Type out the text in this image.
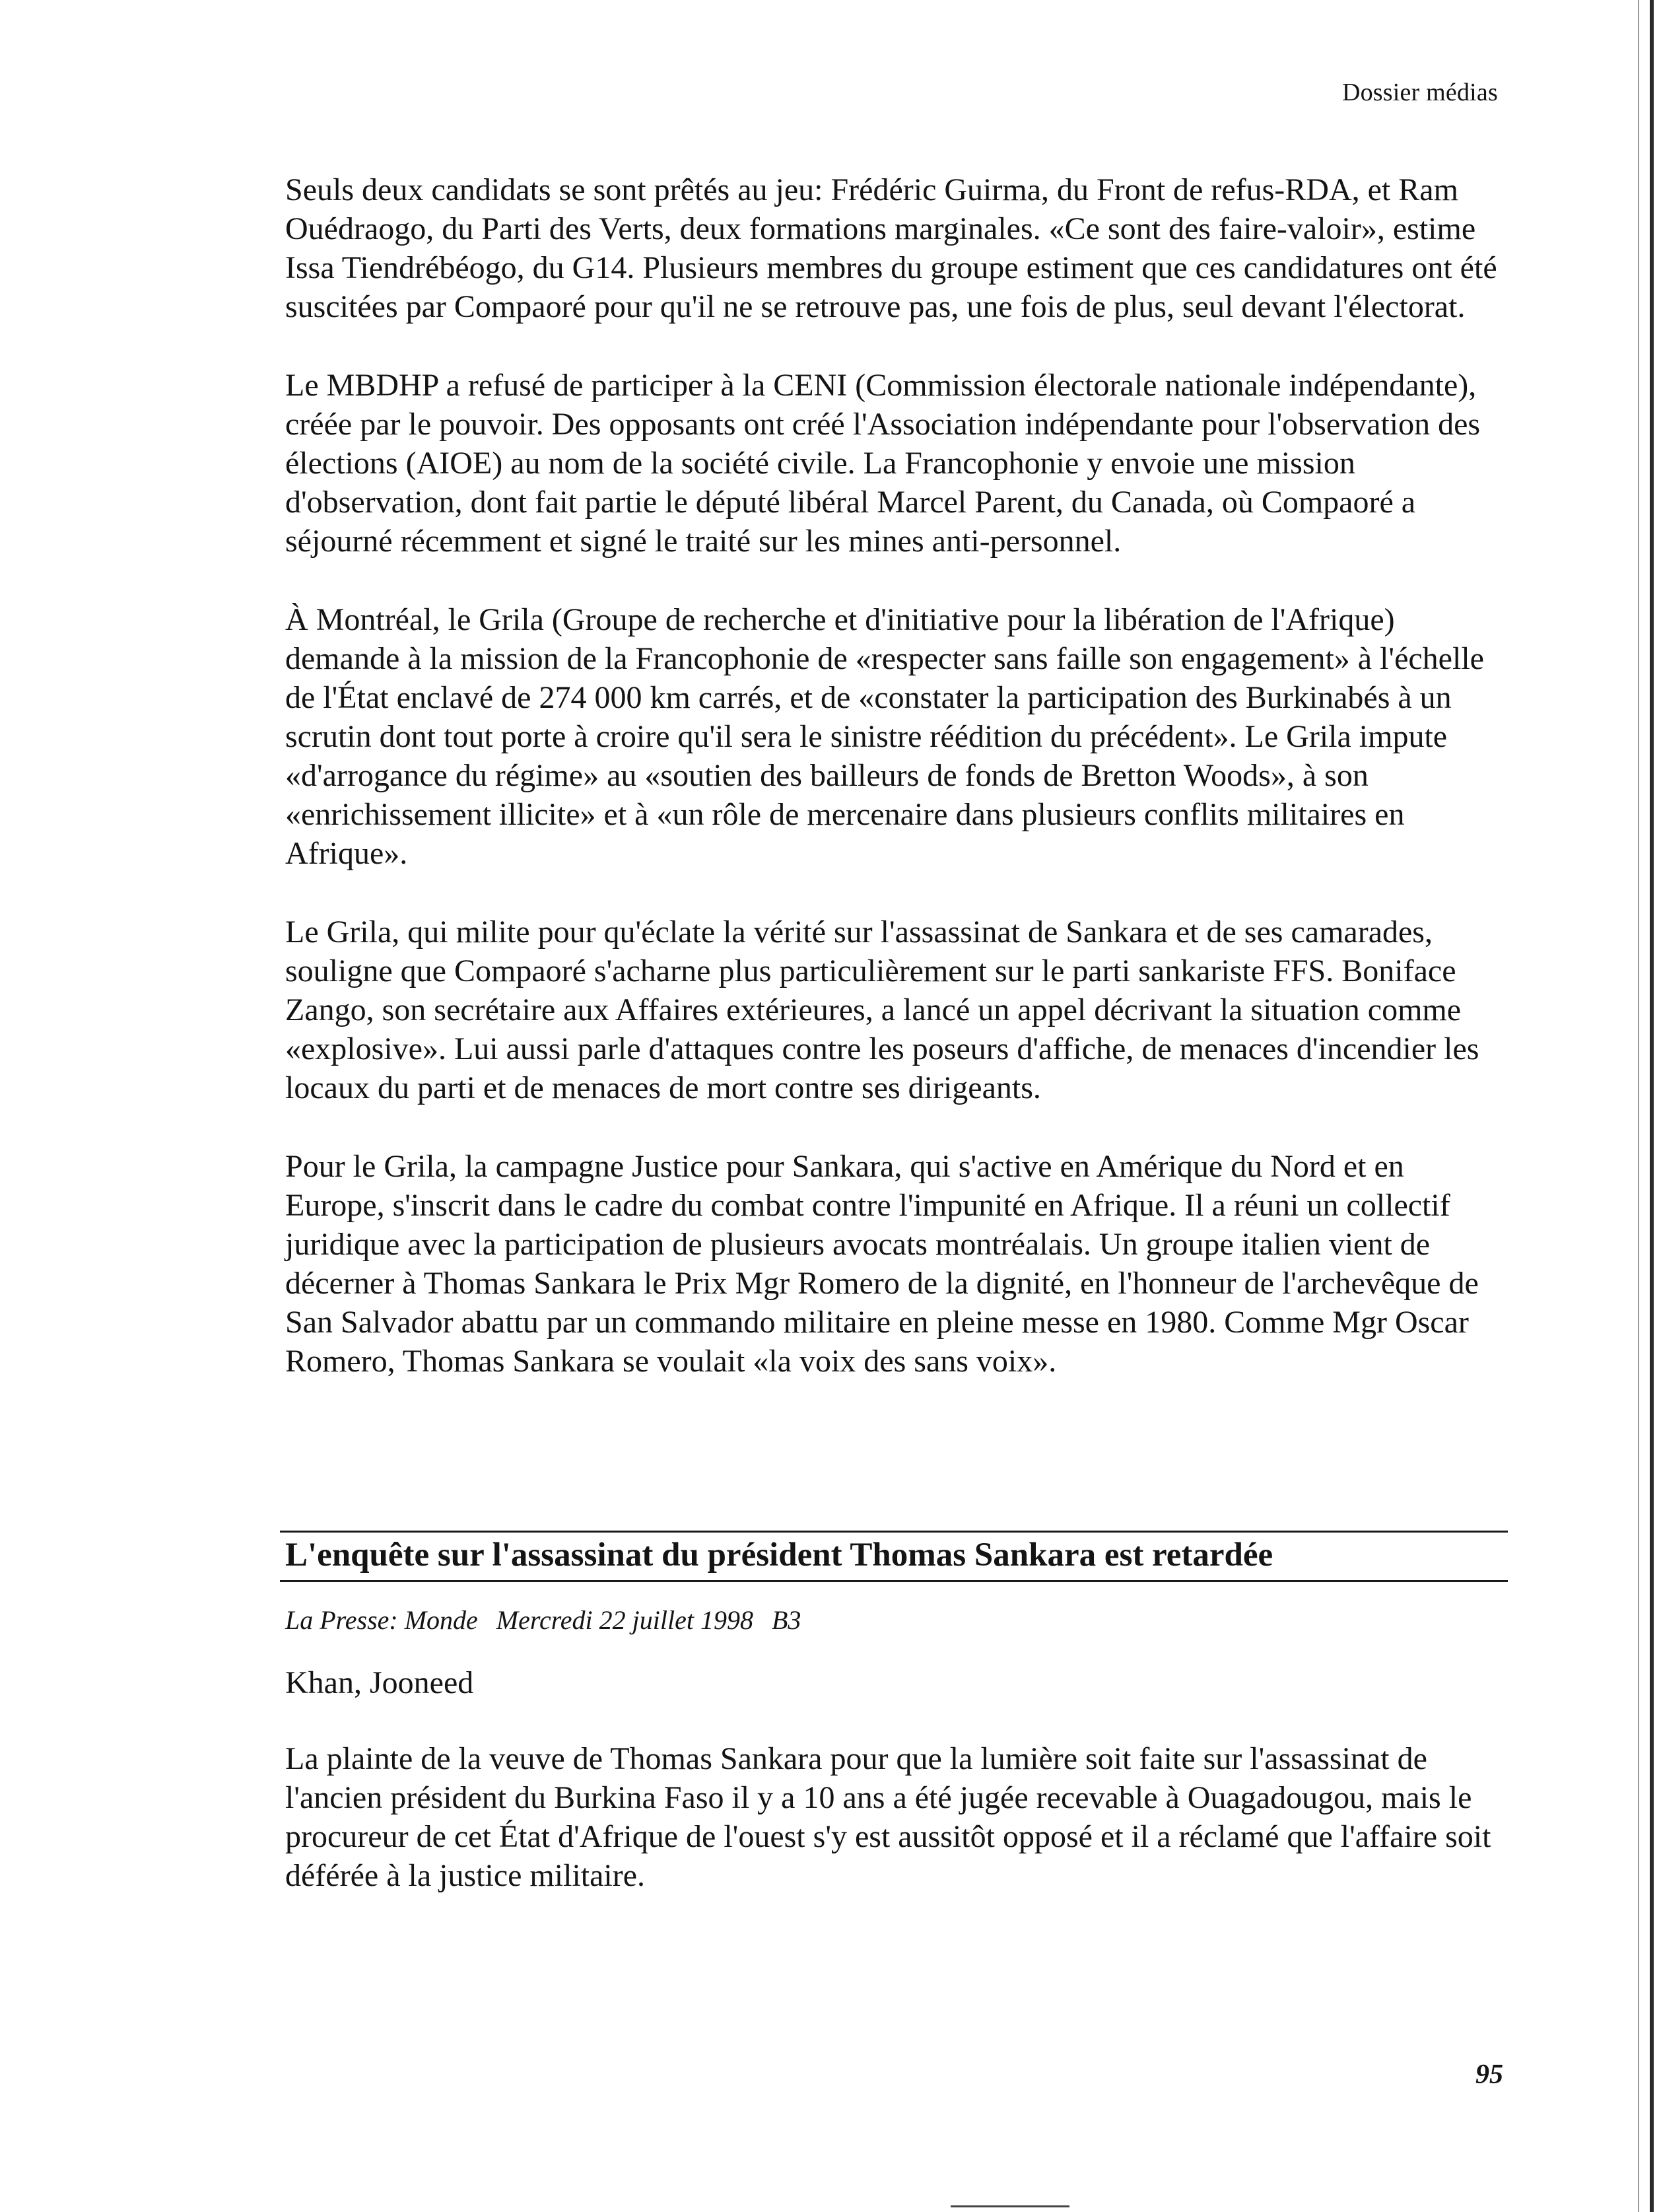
Dossier médias

Seuls deux candidats se sont prêtés au jeu: Frédéric Guirma, du Front de refus-RDA, et Ram Ouédraogo, du Parti des Verts, deux formations marginales. «Ce sont des faire-valoir», estime Issa Tiendrébéogo, du G14. Plusieurs membres du groupe estiment que ces candidatures ont été suscitées par Compaoré pour qu'il ne se retrouve pas, une fois de plus, seul devant l'électorat.

Le MBDHP a refusé de participer à la CENI (Commission électorale nationale indépendante), créée par le pouvoir. Des opposants ont créé l'Association indépendante pour l'observation des élections (AIOE) au nom de la société civile. La Francophonie y envoie une mission d'observation, dont fait partie le député libéral Marcel Parent, du Canada, où Compaoré a séjourné récemment et signé le traité sur les mines anti-personnel.

À Montréal, le Grila (Groupe de recherche et d'initiative pour la libération de l'Afrique) demande à la mission de la Francophonie de «respecter sans faille son engagement» à l'échelle de l'État enclavé de 274 000 km carrés, et de «constater la participation des Burkinabés à un scrutin dont tout porte à croire qu'il sera le sinistre réédition du précédent». Le Grila impute «d'arrogance du régime» au «soutien des bailleurs de fonds de Bretton Woods», à son «enrichissement illicite» et à «un rôle de mercenaire dans plusieurs conflits militaires en Afrique».

Le Grila, qui milite pour qu'éclate la vérité sur l'assassinat de Sankara et de ses camarades, souligne que Compaoré s'acharne plus particulièrement sur le parti sankariste FFS. Boniface Zango, son secrétaire aux Affaires extérieures, a lancé un appel décrivant la situation comme «explosive». Lui aussi parle d'attaques contre les poseurs d'affiche, de menaces d'incendier les locaux du parti et de menaces de mort contre ses dirigeants.

Pour le Grila, la campagne Justice pour Sankara, qui s'active en Amérique du Nord et en Europe, s'inscrit dans le cadre du combat contre l'impunité en Afrique. Il a réuni un collectif juridique avec la participation de plusieurs avocats montréalais. Un groupe italien vient de décerner à Thomas Sankara le Prix Mgr Romero de la dignité, en l'honneur de l'archevêque de San Salvador abattu par un commando militaire en pleine messe en 1980. Comme Mgr Oscar Romero, Thomas Sankara se voulait «la voix des sans voix».

L'enquête sur l'assassinat du président Thomas Sankara est retardée
La Presse: Monde Mercredi 22 juillet 1998 B3
Khan, Jooneed

La plainte de la veuve de Thomas Sankara pour que la lumière soit faite sur l'assassinat de l'ancien président du Burkina Faso il y a 10 ans a été jugée recevable à Ouagadougou, mais le procureur de cet État d'Afrique de l'ouest s'y est aussitôt opposé et il a réclamé que l'affaire soit déférée à la justice militaire.

95
